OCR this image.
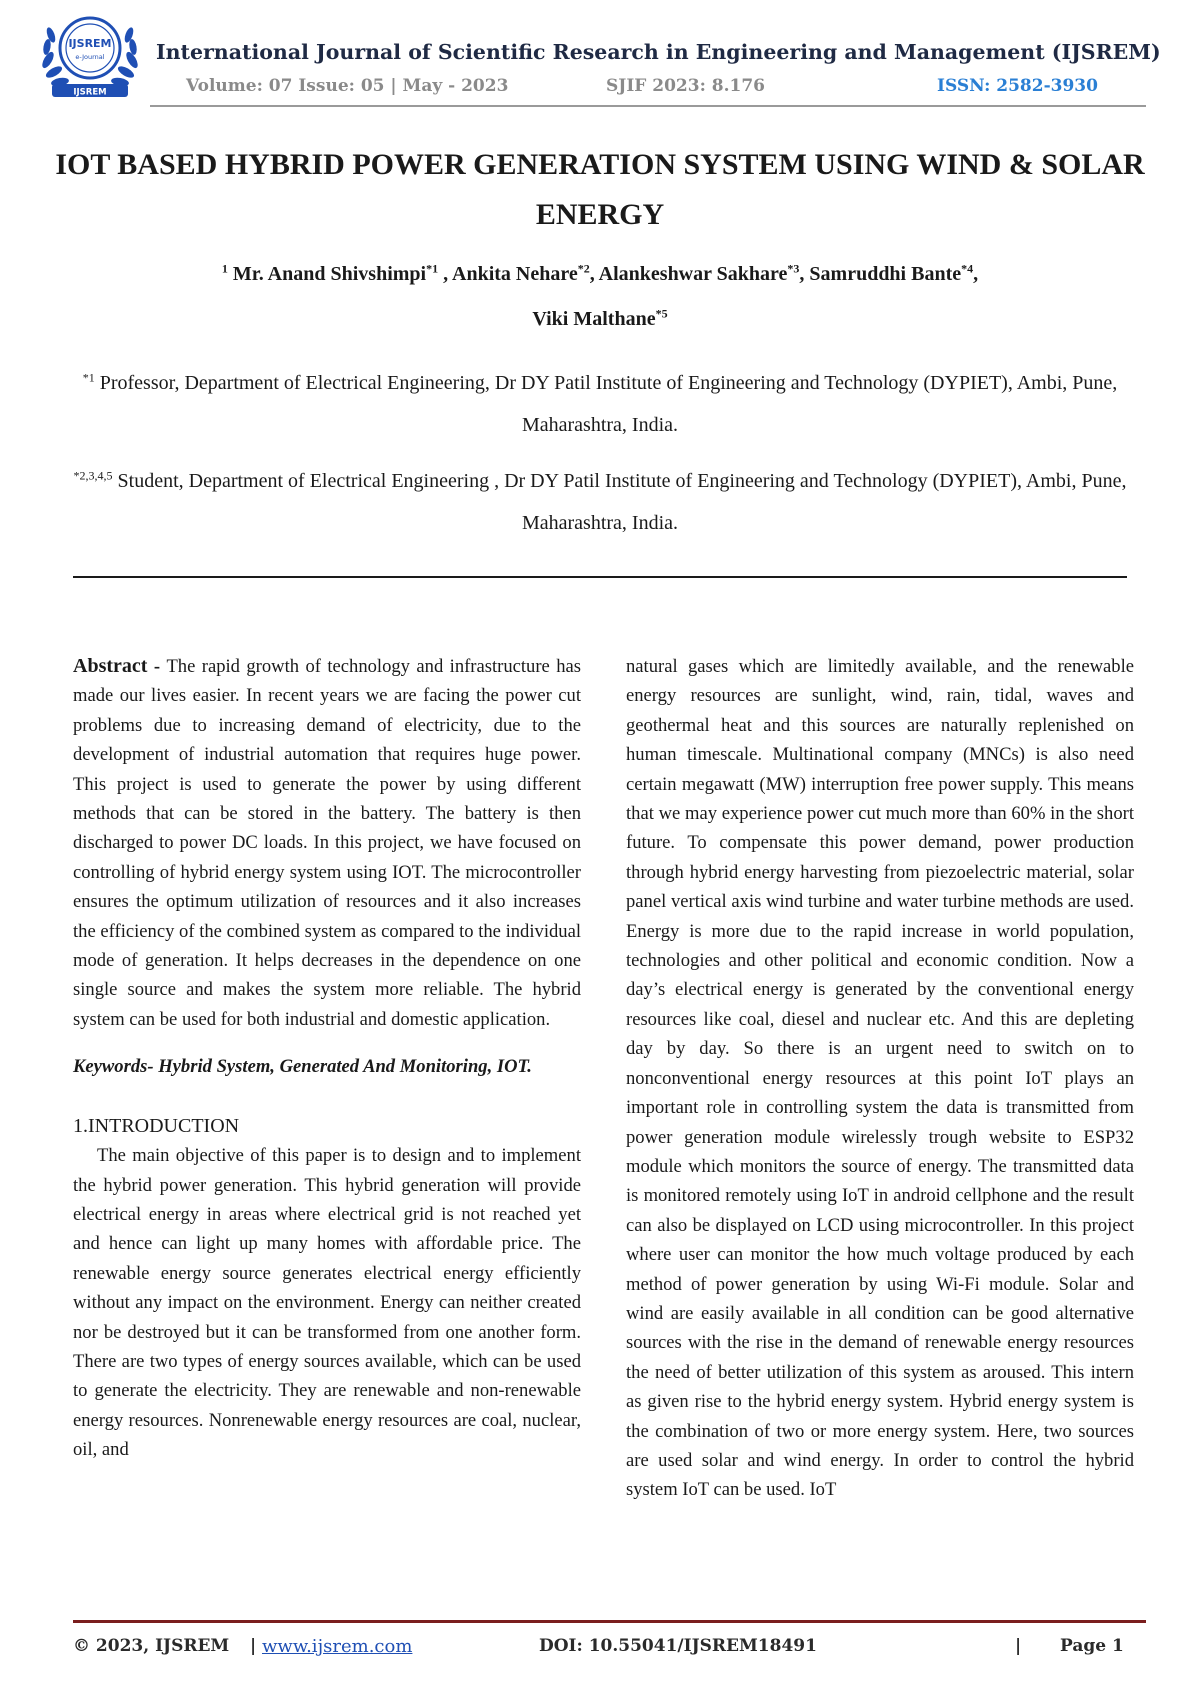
IJSREM
e-Journal
IJSREM
International Journal of Scientific Research in Engineering and Management (IJSREM)
Volume: 07 Issue: 05 | May - 2023	SJIF 2023: 8.176	ISSN: 2582-3930
IOT BASED HYBRID POWER GENERATION SYSTEM USING WIND & SOLAR ENERGY
$^1$ Mr. Anand Shivshimpi$^{*1}$ , Ankita Nehare$^{*2}$, Alankeshwar Sakhare$^{*3}$, Samruddhi Bante$^{*4}$,
Viki Malthane$^{*5}$
$^{*1}$ Professor, Department of Electrical Engineering, Dr DY Patil Institute of Engineering and Technology (DYPIET), Ambi, Pune, Maharashtra, India.
$^{*2,3,4,5}$ Student, Department of Electrical Engineering , Dr DY Patil Institute of Engineering and Technology (DYPIET), Ambi, Pune, Maharashtra, India.

Abstract - The rapid growth of technology and infrastructure has made our lives easier. In recent years we are facing the power cut problems due to increasing demand of electricity, due to the development of industrial automation that requires huge power. This project is used to generate the power by using different methods that can be stored in the battery. The battery is then discharged to power DC loads. In this project, we have focused on controlling of hybrid energy system using IOT. The microcontroller ensures the optimum utilization of resources and it also increases the efficiency of the combined system as compared to the individual mode of generation. It helps decreases in the dependence on one single source and makes the system more reliable. The hybrid system can be used for both industrial and domestic application.

Keywords- Hybrid System, Generated And Monitoring, IOT.

1.INTRODUCTION

The main objective of this paper is to design and to implement the hybrid power generation. This hybrid generation will provide electrical energy in areas where electrical grid is not reached yet and hence can light up many homes with affordable price. The renewable energy source generates electrical energy efficiently without any impact on the environment. Energy can neither created nor be destroyed but it can be transformed from one another form. There are two types of energy sources available, which can be used to generate the electricity. They are renewable and non-renewable energy resources. Nonrenewable energy resources are coal, nuclear, oil, and

natural gases which are limitedly available, and the renewable energy resources are sunlight, wind, rain, tidal, waves and geothermal heat and this sources are naturally replenished on human timescale. Multinational company (MNCs) is also need certain megawatt (MW) interruption free power supply. This means that we may experience power cut much more than 60% in the short future. To compensate this power demand, power production through hybrid energy harvesting from piezoelectric material, solar panel vertical axis wind turbine and water turbine methods are used. Energy is more due to the rapid increase in world population, technologies and other political and economic condition. Now a day’s electrical energy is generated by the conventional energy resources like coal, diesel and nuclear etc. And this are depleting day by day. So there is an urgent need to switch on to nonconventional energy resources at this point IoT plays an important role in controlling system the data is transmitted from power generation module wirelessly trough website to ESP32 module which monitors the source of energy. The transmitted data is monitored remotely using IoT in android cellphone and the result can also be displayed on LCD using microcontroller. In this project where user can monitor the how much voltage produced by each method of power generation by using Wi-Fi module. Solar and wind are easily available in all condition can be good alternative sources with the rise in the demand of renewable energy resources the need of better utilization of this system as aroused. This intern as given rise to the hybrid energy system. Hybrid energy system is the combination of two or more energy system. Here, two sources are used solar and wind energy. In order to control the hybrid system IoT can be used. IoT

© 2023, IJSREM | www.ijsrem.com	DOI: 10.55041/IJSREM18491	| Page 1
